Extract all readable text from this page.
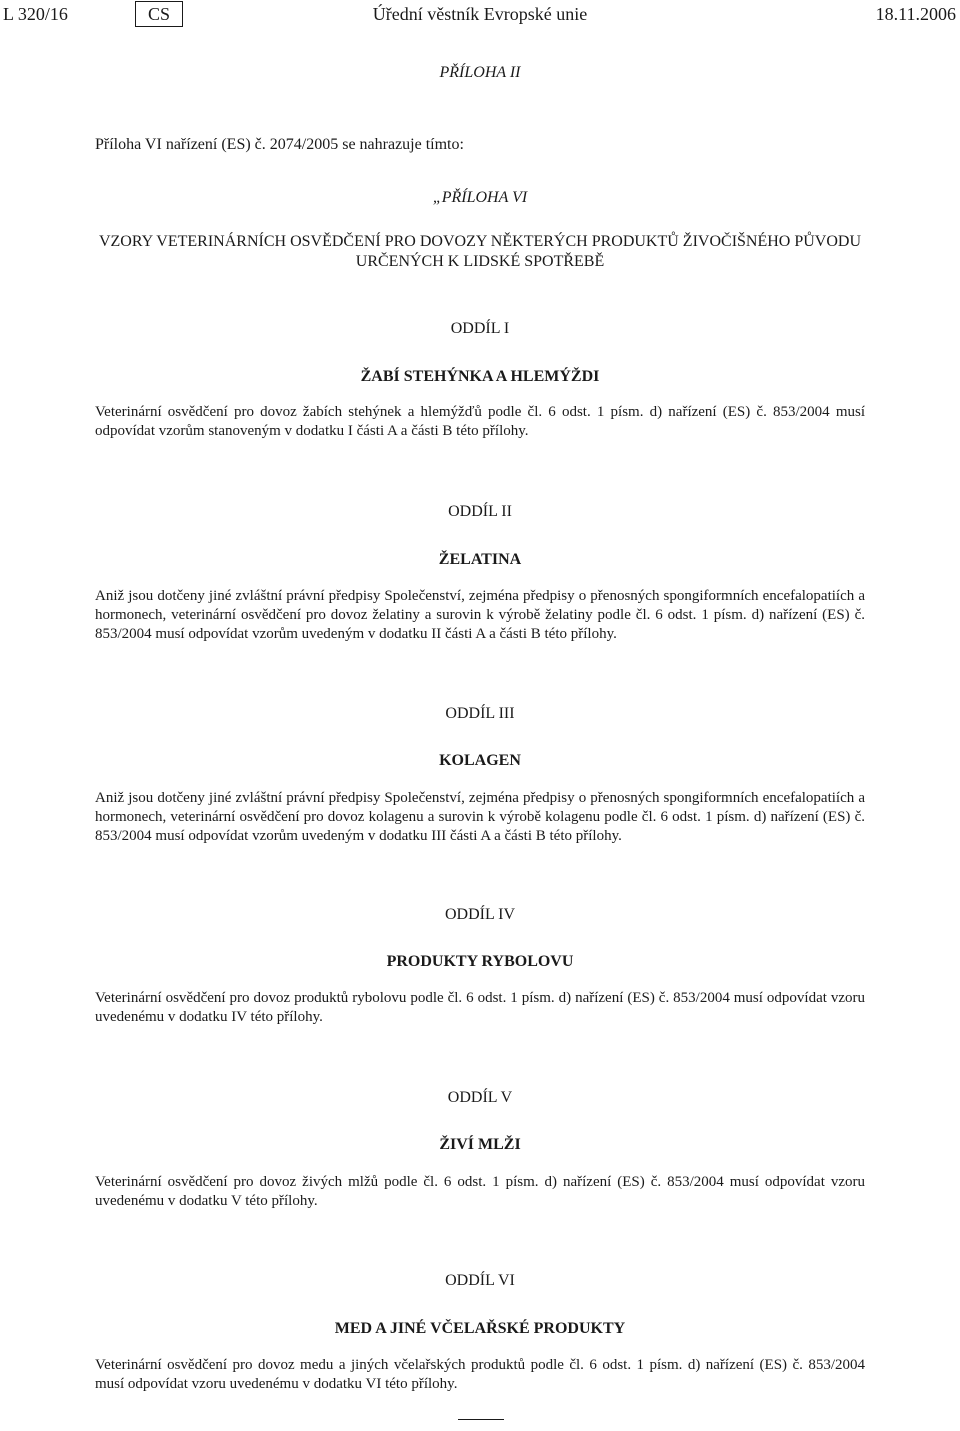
L 320/16	CS	Úřední věstník Evropské unie	18.11.2006
PŘÍLOHA II
Příloha VI nařízení (ES) č. 2074/2005 se nahrazuje tímto:
„PŘÍLOHA VI
VZORY VETERINÁRNÍCH OSVĚDČENÍ PRO DOVOZY NĚKTERÝCH PRODUKTŮ ŽIVOČIŠNÉHO PŮVODU
URČENÝCH K LIDSKÉ SPOTŘEBĚ
ODDÍL I
ŽABÍ STEHÝNKA A HLEMÝŽDI
Veterinární osvědčení pro dovoz žabích stehýnek a hlemýžďů podle čl. 6 odst. 1 písm. d) nařízení (ES) č. 853/2004 musí odpovídat vzorům stanoveným v dodatku I části A a části B této přílohy.
ODDÍL II
ŽELATINA
Aniž jsou dotčeny jiné zvláštní právní předpisy Společenství, zejména předpisy o přenosných spongiformních encefalopatiích a hormonech, veterinární osvědčení pro dovoz želatiny a surovin k výrobě želatiny podle čl. 6 odst. 1 písm. d) nařízení (ES) č. 853/2004 musí odpovídat vzorům uvedeným v dodatku II části A a části B této přílohy.
ODDÍL III
KOLAGEN
Aniž jsou dotčeny jiné zvláštní právní předpisy Společenství, zejména předpisy o přenosných spongiformních encefalopatiích a hormonech, veterinární osvědčení pro dovoz kolagenu a surovin k výrobě kolagenu podle čl. 6 odst. 1 písm. d) nařízení (ES) č. 853/2004 musí odpovídat vzorům uvedeným v dodatku III části A a části B této přílohy.
ODDÍL IV
PRODUKTY RYBOLOVU
Veterinární osvědčení pro dovoz produktů rybolovu podle čl. 6 odst. 1 písm. d) nařízení (ES) č. 853/2004 musí odpovídat vzoru uvedenému v dodatku IV této přílohy.
ODDÍL V
ŽIVÍ MLŽI
Veterinární osvědčení pro dovoz živých mlžů podle čl. 6 odst. 1 písm. d) nařízení (ES) č. 853/2004 musí odpovídat vzoru uvedenému v dodatku V této přílohy.
ODDÍL VI
MED A JINÉ VČELAŘSKÉ PRODUKTY
Veterinární osvědčení pro dovoz medu a jiných včelařských produktů podle čl. 6 odst. 1 písm. d) nařízení (ES) č. 853/2004 musí odpovídat vzoru uvedenému v dodatku VI této přílohy.
